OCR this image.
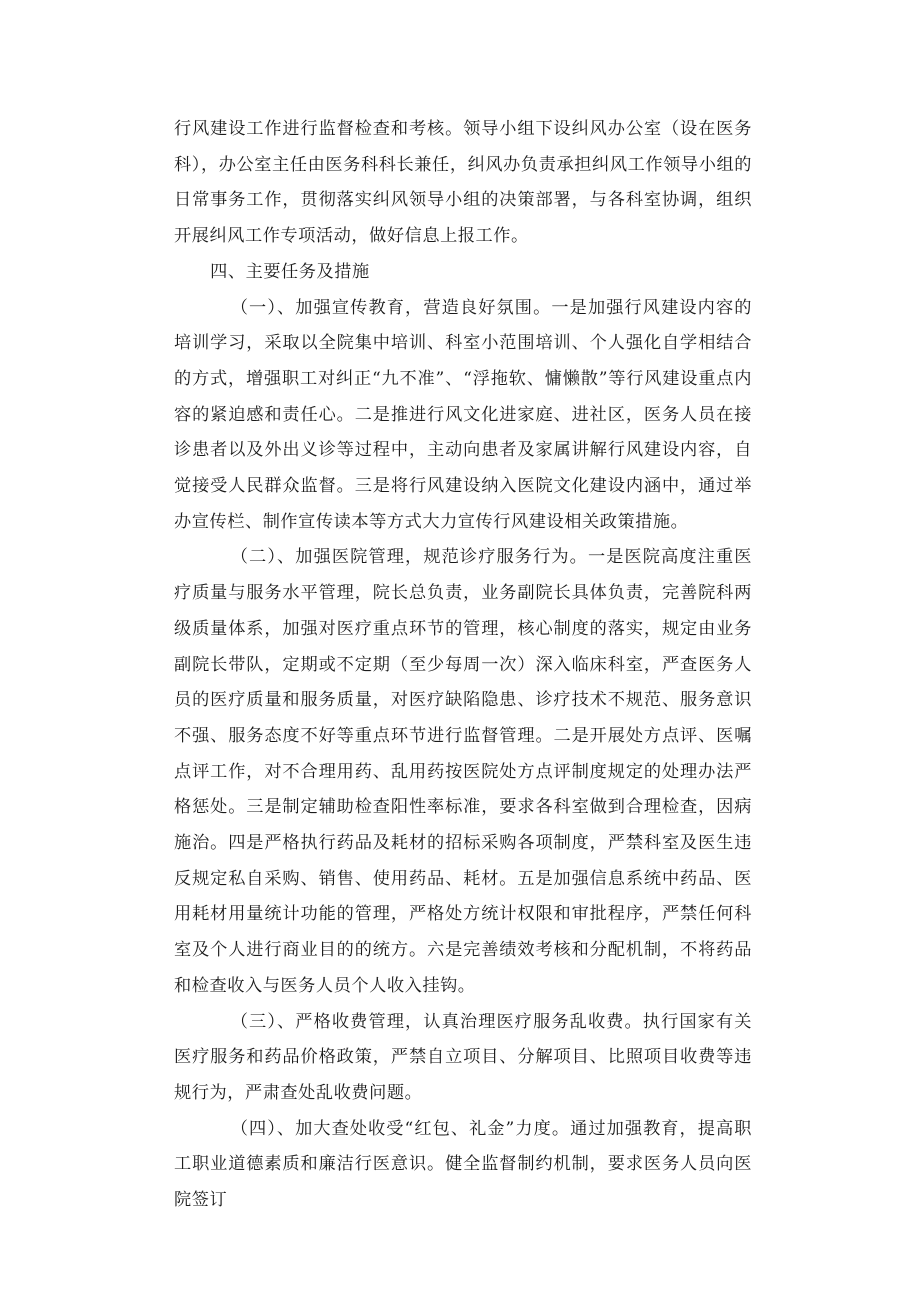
行风建设工作进行监督检查和考核。领导小组下设纠风办公室（设在医务科），办公室主任由医务科科长兼任，纠风办负责承担纠风工作领导小组的日常事务工作，贯彻落实纠风领导小组的决策部署，与各科室协调，组织开展纠风工作专项活动，做好信息上报工作。

四、主要任务及措施

（一）、加强宣传教育，营造良好氛围。一是加强行风建设内容的培训学习，采取以全院集中培训、科室小范围培训、个人强化自学相结合的方式，增强职工对纠正“九不准”、“浮拖软、慵懒散”等行风建设重点内容的紧迫感和责任心。二是推进行风文化进家庭、进社区，医务人员在接诊患者以及外出义诊等过程中，主动向患者及家属讲解行风建设内容，自觉接受人民群众监督。三是将行风建设纳入医院文化建设内涵中，通过举办宣传栏、制作宣传读本等方式大力宣传行风建设相关政策措施。

（二）、加强医院管理，规范诊疗服务行为。一是医院高度注重医疗质量与服务水平管理，院长总负责，业务副院长具体负责，完善院科两级质量体系，加强对医疗重点环节的管理，核心制度的落实，规定由业务副院长带队，定期或不定期（至少每周一次）深入临床科室，严查医务人员的医疗质量和服务质量，对医疗缺陷隐患、诊疗技术不规范、服务意识不强、服务态度不好等重点环节进行监督管理。二是开展处方点评、医嘱点评工作，对不合理用药、乱用药按医院处方点评制度规定的处理办法严格惩处。三是制定辅助检查阳性率标准，要求各科室做到合理检查，因病施治。四是严格执行药品及耗材的招标采购各项制度，严禁科室及医生违反规定私自采购、销售、使用药品、耗材。五是加强信息系统中药品、医用耗材用量统计功能的管理，严格处方统计权限和审批程序，严禁任何科室及个人进行商业目的的统方。六是完善绩效考核和分配机制，不将药品和检查收入与医务人员个人收入挂钩。

（三）、严格收费管理，认真治理医疗服务乱收费。执行国家有关医疗服务和药品价格政策，严禁自立项目、分解项目、比照项目收费等违规行为，严肃查处乱收费问题。

（四）、加大查处收受“红包、礼金”力度。通过加强教育，提高职工职业道德素质和廉洁行医意识。健全监督制约机制，要求医务人员向医院签订
